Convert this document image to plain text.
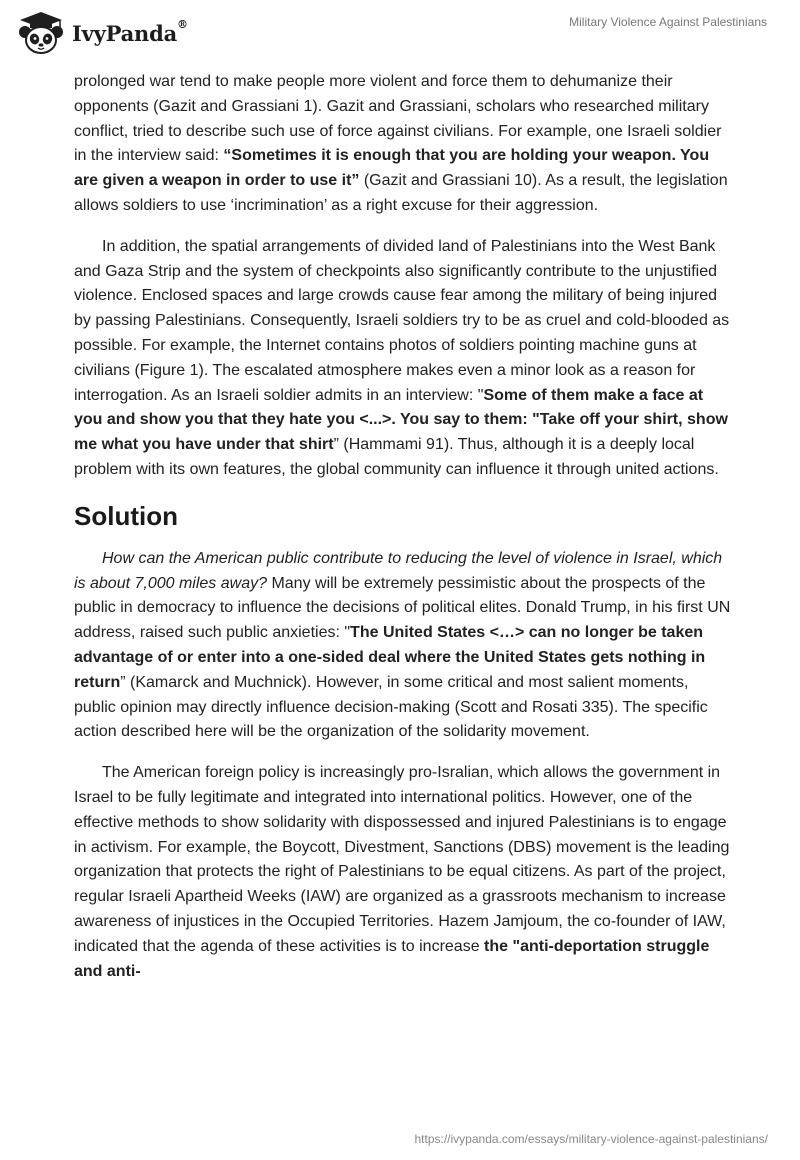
IvyPanda®	Military Violence Against Palestinians

prolonged war tend to make people more violent and force them to dehumanize their opponents (Gazit and Grassiani 1). Gazit and Grassiani, scholars who researched military conflict, tried to describe such use of force against civilians. For example, one Israeli soldier in the interview said: “Sometimes it is enough that you are holding your weapon. You are given a weapon in order to use it” (Gazit and Grassiani 10). As a result, the legislation allows soldiers to use ‘incrimination’ as a right excuse for their aggression.

In addition, the spatial arrangements of divided land of Palestinians into the West Bank and Gaza Strip and the system of checkpoints also significantly contribute to the unjustified violence. Enclosed spaces and large crowds cause fear among the military of being injured by passing Palestinians. Consequently, Israeli soldiers try to be as cruel and cold-blooded as possible. For example, the Internet contains photos of soldiers pointing machine guns at civilians (Figure 1). The escalated atmosphere makes even a minor look as a reason for interrogation. As an Israeli soldier admits in an interview: "Some of them make a face at you and show you that they hate you <...>. You say to them: "Take off your shirt, show me what you have under that shirt” (Hammami 91). Thus, although it is a deeply local problem with its own features, the global community can influence it through united actions.

Solution

How can the American public contribute to reducing the level of violence in Israel, which is about 7,000 miles away? Many will be extremely pessimistic about the prospects of the public in democracy to influence the decisions of political elites. Donald Trump, in his first UN address, raised such public anxieties: "The United States <…> can no longer be taken advantage of or enter into a one-sided deal where the United States gets nothing in return” (Kamarck and Muchnick). However, in some critical and most salient moments, public opinion may directly influence decision-making (Scott and Rosati 335). The specific action described here will be the organization of the solidarity movement.

The American foreign policy is increasingly pro-Isralian, which allows the government in Israel to be fully legitimate and integrated into international politics. However, one of the effective methods to show solidarity with dispossessed and injured Palestinians is to engage in activism. For example, the Boycott, Divestment, Sanctions (DBS) movement is the leading organization that protects the right of Palestinians to be equal citizens. As part of the project, regular Israeli Apartheid Weeks (IAW) are organized as a grassroots mechanism to increase awareness of injustices in the Occupied Territories. Hazem Jamjoum, the co-founder of IAW, indicated that the agenda of these activities is to increase the "anti-deportation struggle and anti-

https://ivypanda.com/essays/military-violence-against-palestinians/
